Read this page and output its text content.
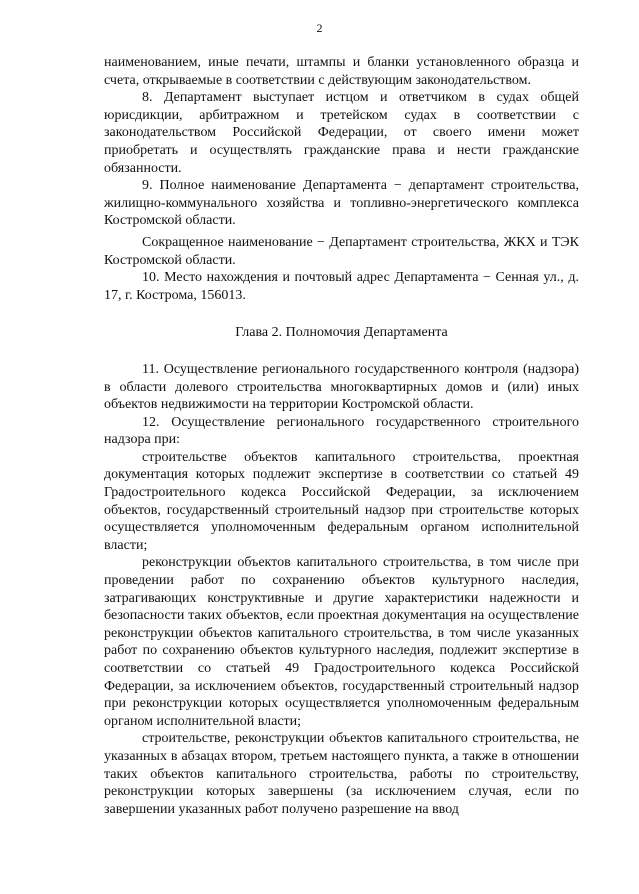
2

наименованием, иные печати, штампы и бланки установленного образца и счета, открываемые в соответствии с действующим законодательством.

8. Департамент выступает истцом и ответчиком в судах общей юрисдикции, арбитражном и третейском судах в соответствии с законодательством Российской Федерации, от своего имени может приобретать и осуществлять гражданские права и нести гражданские обязанности.

9. Полное наименование Департамента − департамент строительства, жилищно-коммунального хозяйства и топливно-энергетического комплекса Костромской области.

Сокращенное наименование − Департамент строительства, ЖКХ и ТЭК Костромской области.

10. Место нахождения и почтовый адрес Департамента − Сенная ул., д. 17, г. Кострома, 156013.

Глава 2. Полномочия Департамента

11. Осуществление регионального государственного контроля (надзора) в области долевого строительства многоквартирных домов и (или) иных объектов недвижимости на территории Костромской области.

12. Осуществление регионального государственного строительного надзора при:

строительстве объектов капитального строительства, проектная документация которых подлежит экспертизе в соответствии со статьей 49 Градостроительного кодекса Российской Федерации, за исключением объектов, государственный строительный надзор при строительстве которых осуществляется уполномоченным федеральным органом исполнительной власти;

реконструкции объектов капитального строительства, в том числе при проведении работ по сохранению объектов культурного наследия, затрагивающих конструктивные и другие характеристики надежности и безопасности таких объектов, если проектная документация на осуществление реконструкции объектов капитального строительства, в том числе указанных работ по сохранению объектов культурного наследия, подлежит экспертизе в соответствии со статьей 49 Градостроительного кодекса Российской Федерации, за исключением объектов, государственный строительный надзор при реконструкции которых осуществляется уполномоченным федеральным органом исполнительной власти;

строительстве, реконструкции объектов капитального строительства, не указанных в абзацах втором, третьем настоящего пункта, а также в отношении таких объектов капитального строительства, работы по строительству, реконструкции которых завершены (за исключением случая, если по завершении указанных работ получено разрешение на ввод
